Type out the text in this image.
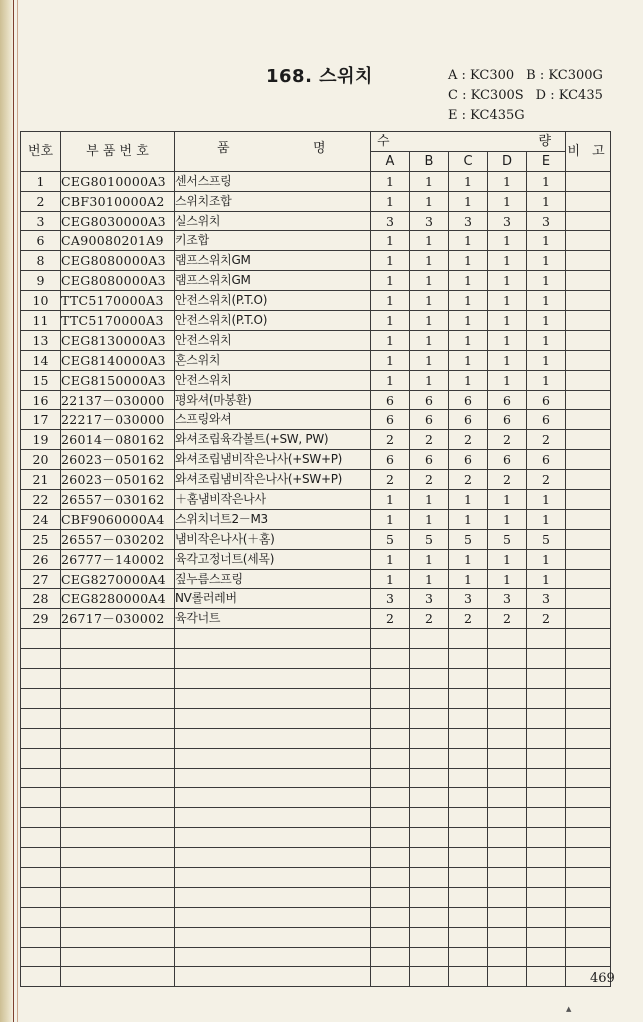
168. 스위치	A : KC300 B : KC300G
C : KC300S D : KC435
E : KC435G
번호	부 품 번 호	품 명	수 량					비 고
			A	B	C	D	E	
1	CEG8010000A3	센서스프링	1	1	1	1	1	
2	CBF3010000A2	스위치조합	1	1	1	1	1	
3	CEG8030000A3	실스위치	3	3	3	3	3	
6	CA90080201A9	키조합	1	1	1	1	1	
8	CEG8080000A3	램프스위치GM	1	1	1	1	1	
9	CEG8080000A3	램프스위치GM	1	1	1	1	1	
10	TTC5170000A3	안전스위치(P.T.O)	1	1	1	1	1	
11	TTC5170000A3	안전스위치(P.T.O)	1	1	1	1	1	
13	CEG8130000A3	안전스위치	1	1	1	1	1	
14	CEG8140000A3	혼스위치	1	1	1	1	1	
15	CEG8150000A3	안전스위치	1	1	1	1	1	
16	22137－030000	평와셔(마봉환)	6	6	6	6	6	
17	22217－030000	스프링와셔	6	6	6	6	6	
19	26014－080162	와셔조립육각볼트(+SW, PW)	2	2	2	2	2	
20	26023－050162	와셔조립냄비작은나사(+SW+P)	6	6	6	6	6	
21	26023－050162	와셔조립냄비작은나사(+SW+P)	2	2	2	2	2	
22	26557－030162	＋홈냄비작은나사	1	1	1	1	1	
24	CBF9060000A4	스위치너트2－M3	1	1	1	1	1	
25	26557－030202	냄비작은나사(＋홈)	5	5	5	5	5	
26	26777－140002	육각고정너트(세목)	1	1	1	1	1	
27	CEG8270000A4	짚누름스프링	1	1	1	1	1	
28	CEG8280000A4	NV롤러레버	3	3	3	3	3	
29	26717－030002	육각너트	2	2	2	2	2	

469
▲
